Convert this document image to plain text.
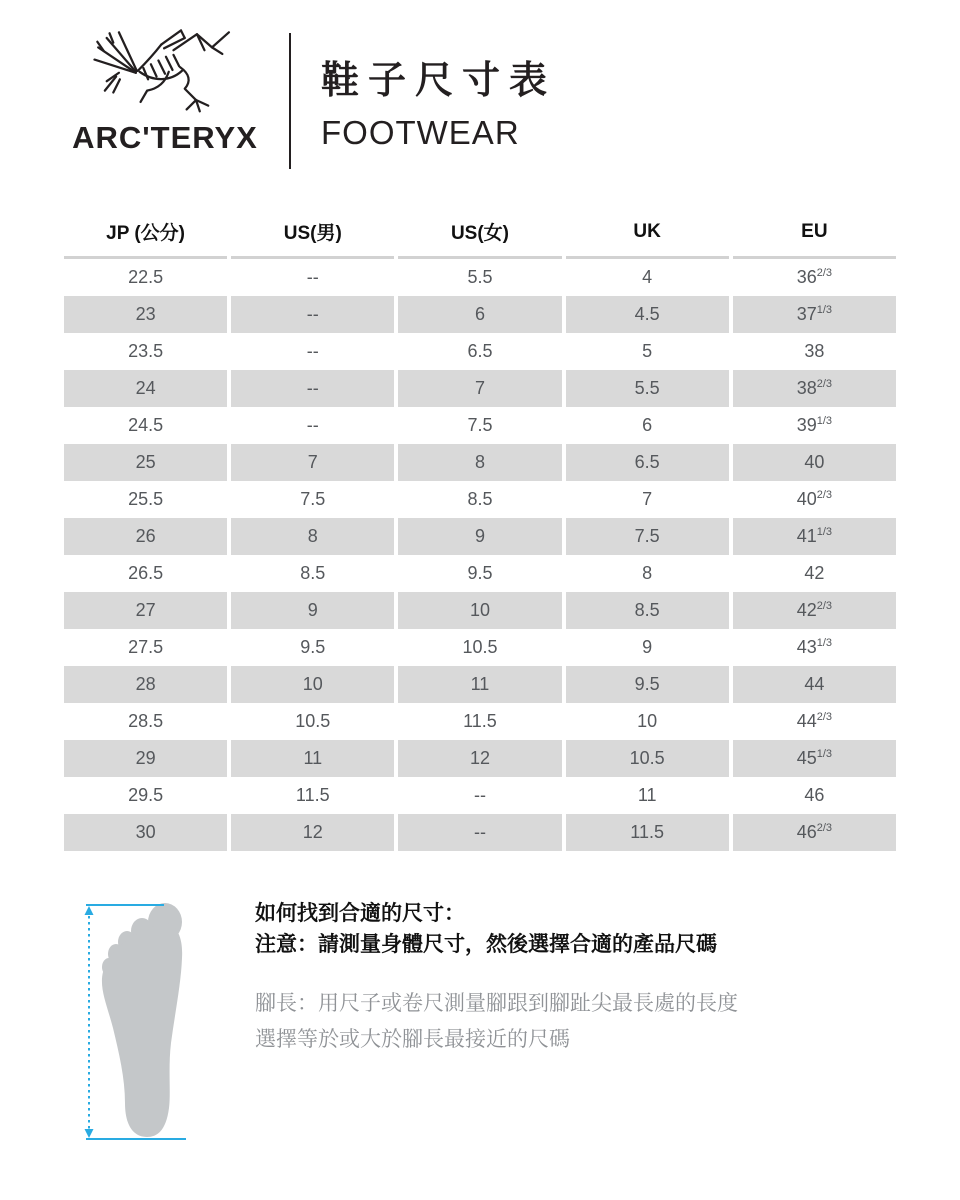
ARC'TERYX
鞋子尺寸表
FOOTWEAR
JP (公分)	US(男)	US(女)	UK	EU
22.5	--	5.5	4	$36^{2/3}$
23	--	6	4.5	$37^{1/3}$
23.5	--	6.5	5	38
24	--	7	5.5	$38^{2/3}$
24.5	--	7.5	6	$39^{1/3}$
25	7	8	6.5	40
25.5	7.5	8.5	7	$40^{2/3}$
26	8	9	7.5	$41^{1/3}$
26.5	8.5	9.5	8	42
27	9	10	8.5	$42^{2/3}$
27.5	9.5	10.5	9	$43^{1/3}$
28	10	11	9.5	44
28.5	10.5	11.5	10	$44^{2/3}$
29	11	12	10.5	$45^{1/3}$
29.5	11.5	--	11	46
30	12	--	11.5	$46^{2/3}$
如何找到合適的尺寸：
注意：請測量身體尺寸，然後選擇合適的產品尺碼
腳長：用尺子或卷尺測量腳跟到腳趾尖最長處的長度
選擇等於或大於腳長最接近的尺碼
